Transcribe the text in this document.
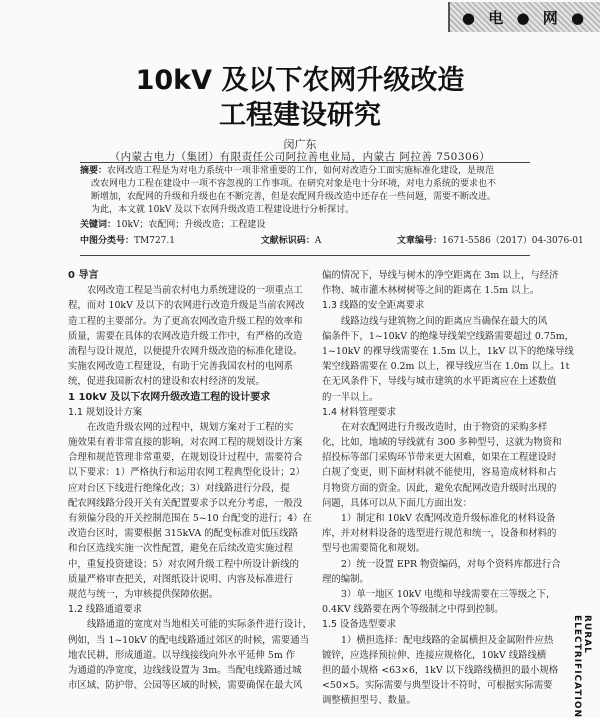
● 电 ● 网 ●
10kV 及以下农网升级改造
工程建设研究
闵广东
（内蒙古电力（集团）有限责任公司阿拉善电业局，内蒙古 阿拉善 750306）
摘要：农网改造工程是为对电力系统中一项非常重要的工作，如何对改造分工面实施标准化建设，是规范
改农网电力工程在建设中一项不容忽视的工作事项。在研究对象是电十分环境，对电力系统的要求也不
断增加，农配网的升级和升级也在不断完善，但是农配网升级改造中还存在一些问题，需要不断改进。
为此，本文就 10kV 及以下农网升级改造工程建设进行分析探讨。
关键词：10kV；农配网；升级改造；工程建设
中图分类号：TM727.1	文献标识码：A	文章编号：1671-5586（2017）04-3076-01
0 导言
农网改造工程是当前农村电力系统建设的一项重点工
程，而对 10kV 及以下的农网进行改造升级是当前农网改
造工程的主要部分。为了更高农网改造升级工程的效率和
质量，需要在具体的农网改造升级工作中，有严格的改造
流程与设计规范，以便提升农网升级改造的标准化建设。
实施农网改造工程建设，有助于完善我国农村的电网系
统，促进我国新农村的建设和农村经济的发展。
1 10kV 及以下农网升级改造工程的设计要求
1.1 规划设计方案
在改造升级农网的过程中，规划方案对于工程的实
施效果有着非常直接的影响，对农网工程的规划设计方案
合理和规范管理非常重要，在规划设计过程中，需要符合
以下要求：1）严格执行和运用农网工程典型化设计；2）
应对台区下线进行绝缘化改；3）对线路进行分段，提
配农网线路分段开关有关配置要求予以充分考虑，一般没
有须偏分段的开关控制范围在 5~10 台配变的进行；4）在
改造台区时，需要根据 315kVA 的配变标准对低压线路
和台区选线实施一次性配置，避免在后续改造实施过程
中，重复投资建设；5）对农网升级工程中所设计新线的
质量严格审查把关，对图纸设计说明、内容及标准进行
规范与统一，为审核提供保障依据。
1.2 线路通道要求
线路通道的宽度对当地相关可能的实际条件进行设计，
例如，当 1~10kV 的配电线路通过郊区的时候，需要通当
地农民耕，形成通道。以导线接线向外水平延伸 5m 作
为通道的净宽度，边线线设置为 3m。当配电线路通过城
市区域、防护带、公园等区域的时候，需要确保在最大风
偏的情况下，导线与树木的净空距离在 3m 以上，与经济
作物、城市灌木林树树等之间的距离在 1.5m 以上。
1.3 线路的安全距离要求
线路边线与建筑物之间的距离应当确保在最大的风
偏条件下，1~10kV 的绝缘导线架空线路需要超过 0.75m，
1~10kV 的裸导线需要在 1.5m 以上，1kV 以下的绝缘导线
架空线路需要在 0.2m 以上，裸导线应当在 1.0m 以上。1t
在无风条件下，导线与城市建筑的水平距离应在上述数值
的一半以上。
1.4 材料管理要求
在对农配网进行升级改造时，由于物资的采购多样
化，比如，地域的导线就有 300 多种型号，这就为物资和
招投标等部门采购环节带来更大困难，如果在工程建设时
白规了变更，则下面材料就不能使用，容易造成材料和占
月物资方面的资金。因此，避免农配网改造升级时出现的
问题，具体可以从下面几方面出发：
1）制定和 10kV 农配网改造升级标准化的材料设备
库，并对材料设备的选型进行规范和统一，设备和材料的
型号也需要简化和规划。
2）统一设置 EPR 物资编码，对每个资料库都进行合
理的编制。
3）单一地区 10kV 电缆和导线需要在三等级之下，
0.4KV 线路要在两个等级制之中得到控制。
1.5 设备选型要求
1）横担选择：配电线路的金属横担及金属附件应热
镀锌，应选择预拉伸、连接应规格化，10kV 线路线横
担的最小规格 <63×6，1kV 以下线路线横担的最小规格
<50×5。实际需要与典型设计不符时，可根据实际需要
调整横担型号、数量。
RURAL ELECTRIFICATION
